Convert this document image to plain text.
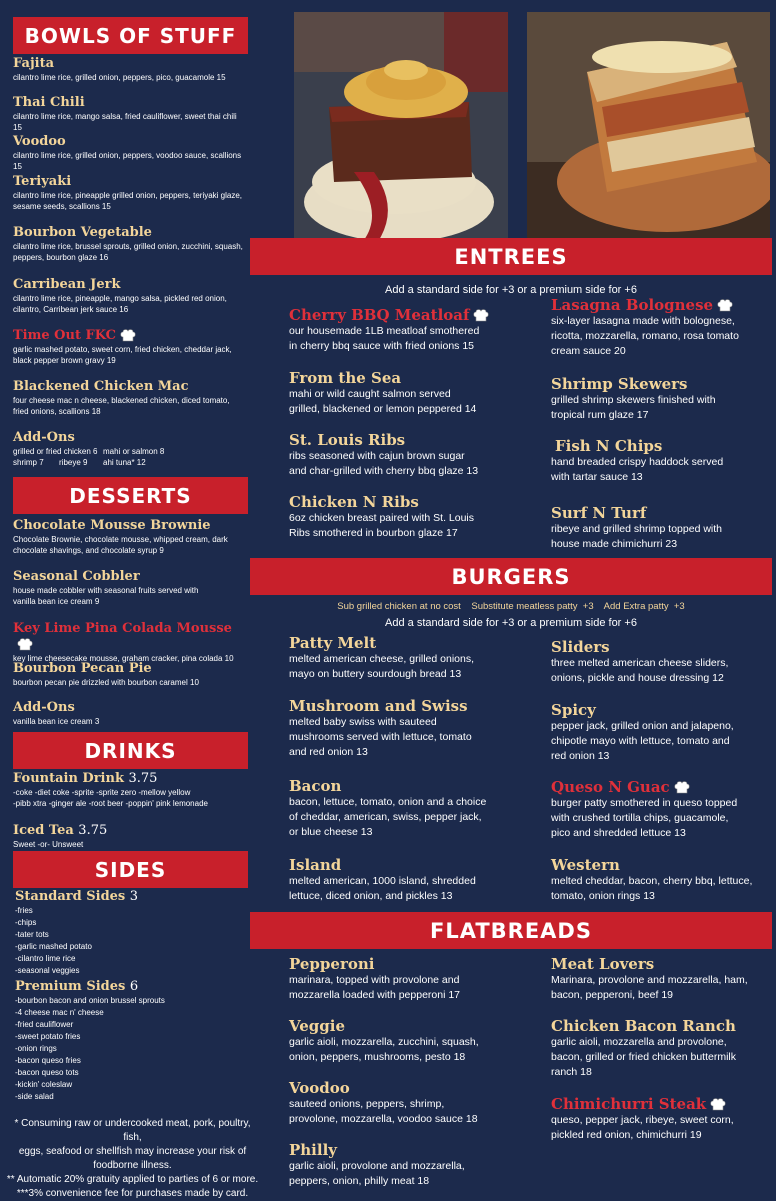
BOWLS OF STUFF
Fajita
cilantro lime rice, grilled onion, peppers, pico, guacamole 15
Thai Chili
cilantro lime rice, mango salsa, fried cauliflower, sweet thai chili 15
Voodoo
cilantro lime rice, grilled onion, peppers, voodoo sauce, scallions 15
Teriyaki
cilantro lime rice, pineapple grilled onion, peppers, teriyaki glaze, sesame seeds, scallions 15
Bourbon Vegetable
cilantro lime rice, brussel sprouts, grilled onion, zucchini, squash, peppers, bourbon glaze 16
Carribean Jerk
cilantro lime rice, pineapple, mango salsa, pickled red onion, cilantro, Carribean jerk sauce 16
Time Out FKC
garlic mashed potato, sweet corn, fried chicken, cheddar jack, black pepper brown gravy 19
Blackened Chicken Mac
four cheese mac n cheese, blackened chicken, diced tomato, fried onions, scallions 18
Add-Ons
grilled or fried chicken 6 mahi or salmon 8
shrimp 7 ribeye 9 ahi tuna* 12
DESSERTS
Chocolate Mousse Brownie
Chocolate Brownie, chocolate mousse, whipped cream, dark chocolate shavings, and chocolate syrup 9
Seasonal Cobbler
house made cobbler with seasonal fruits served with vanilla bean ice cream 9
Key Lime Pina Colada Mousse
key lime cheesecake mousse, graham cracker, pina colada 10
Bourbon Pecan Pie
bourbon pecan pie drizzled with bourbon caramel 10
Add-Ons
vanilla bean ice cream 3
DRINKS
Fountain Drink 3.75
-coke -diet coke -sprite -sprite zero -mellow yellow
-pibb xtra -ginger ale -root beer -poppin' pink lemonade
Iced Tea 3.75
Sweet -or- Unsweet
SIDES
Standard Sides 3
-fries
-chips
-tater tots
-garlic mashed potato
-cilantro lime rice
-seasonal veggies
Premium Sides 6
-bourbon bacon and onion brussel sprouts
-4 cheese mac n' cheese
-fried cauliflower
-sweet potato fries
-onion rings
-bacon queso fries
-bacon queso tots
-kickin' coleslaw
-side salad
* Consuming raw or undercooked meat, pork, poultry, fish,
eggs, seafood or shellfish may increase your risk of
foodborne illness.
** Automatic 20% gratuity applied to parties of 6 or more.
***3% convenience fee for purchases made by card.
ENTREES
Add a standard side for +3 or a premium side for +6
Cherry BBQ Meatloaf
our housemade 1LB meatloaf smothered
in cherry bbq sauce with fried onions 15
From the Sea
mahi or wild caught salmon served
grilled, blackened or lemon peppered 14
St. Louis Ribs
ribs seasoned with cajun brown sugar
and char-grilled with cherry bbq glaze 13
Chicken N Ribs
6oz chicken breast paired with St. Louis
Ribs smothered in bourbon glaze 17
Lasagna Bolognese
six-layer lasagna made with bolognese,
ricotta, mozzarella, romano, rosa tomato
cream sauce 20
Shrimp Skewers
grilled shrimp skewers finished with
tropical rum glaze 17
Fish N Chips
hand breaded crispy haddock served
with tartar sauce 13
Surf N Turf
ribeye and grilled shrimp topped with
house made chimichurri 23
BURGERS
Sub grilled chicken at no cost    Substitute meatless patty  +3    Add Extra patty  +3
Add a standard side for +3 or a premium side for +6
Patty Melt
melted american cheese, grilled onions,
mayo on buttery sourdough bread 13
Mushroom and Swiss
melted baby swiss with sauteed
mushrooms served with lettuce, tomato
and red onion 13
Bacon
bacon, lettuce, tomato, onion and a choice
of cheddar, american, swiss, pepper jack,
or blue cheese 13
Island
melted american, 1000 island, shredded
lettuce, diced onion, and pickles 13
Sliders
three melted american cheese sliders,
onions, pickle and house dressing 12
Spicy
pepper jack, grilled onion and jalapeno,
chipotle mayo with lettuce, tomato and
red onion 13
Queso N Guac
burger patty smothered in queso topped
with crushed tortilla chips, guacamole,
pico and shredded lettuce 13
Western
melted cheddar, bacon, cherry bbq, lettuce,
tomato, onion rings 13
FLATBREADS
Pepperoni
marinara, topped with provolone and
mozzarella loaded with pepperoni 17
Veggie
garlic aioli, mozzarella, zucchini, squash,
onion, peppers, mushrooms, pesto 18
Voodoo
sauteed onions, peppers, shrimp,
provolone, mozzarella, voodoo sauce 18
Philly
garlic aioli, provolone and mozzarella,
peppers, onion, philly meat 18
Meat Lovers
Marinara, provolone and mozzarella, ham,
bacon, pepperoni, beef 19
Chicken Bacon Ranch
garlic aioli, mozzarella and provolone,
bacon, grilled or fried chicken buttermilk
ranch 18
Chimichurri Steak
queso, pepper jack, ribeye, sweet corn,
pickled red onion, chimichurri 19
